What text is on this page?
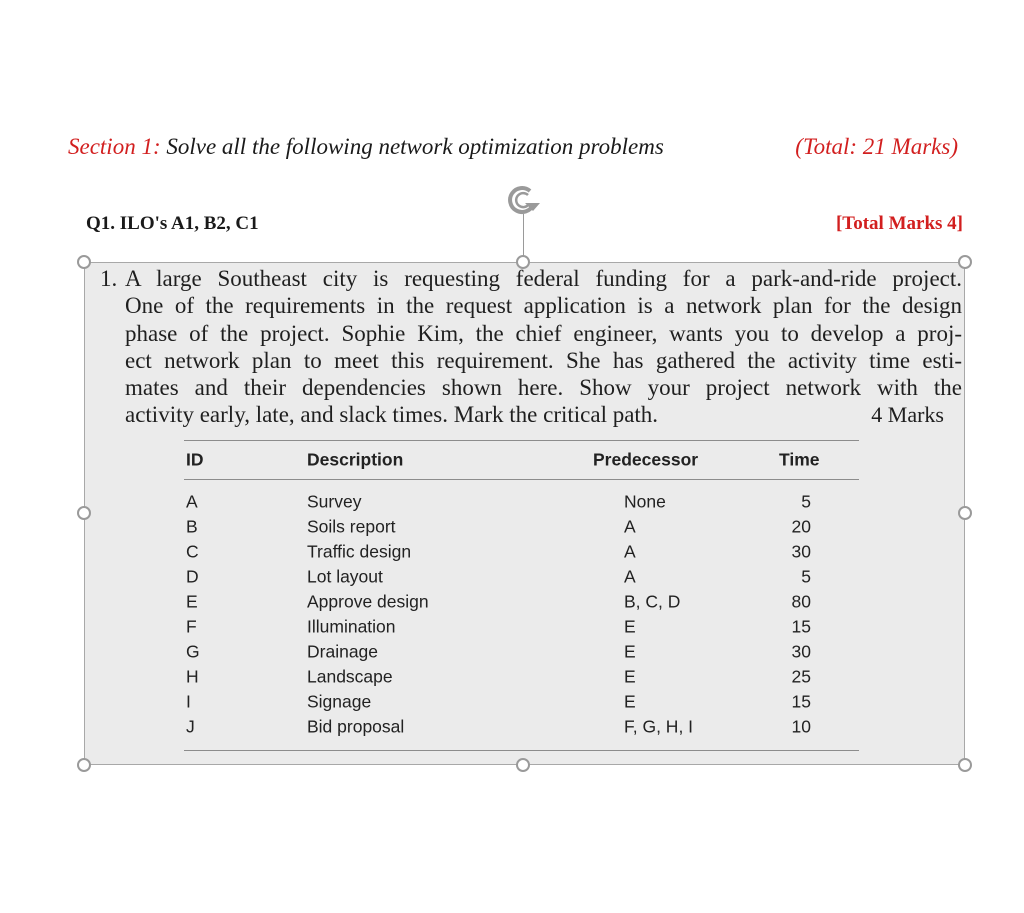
Section 1: Solve all the following network optimization problems	(Total: 21 Marks)
Q1. ILO's A1, B2, C1	[Total Marks 4]
1. A large Southeast city is requesting federal funding for a park-and-ride project.
One of the requirements in the request application is a network plan for the design
phase of the project. Sophie Kim, the chief engineer, wants you to develop a proj-
ect network plan to meet this requirement. She has gathered the activity time esti-
mates and their dependencies shown here. Show your project network with the
activity early, late, and slack times. Mark the critical path.	4 Marks
ID	Description	Predecessor	Time
A	Survey	None	5
B	Soils report	A	20
C	Traffic design	A	30
D	Lot layout	A	5
E	Approve design	B, C, D	80
F	Illumination	E	15
G	Drainage	E	30
H	Landscape	E	25
I	Signage	E	15
J	Bid proposal	F, G, H, I	10
